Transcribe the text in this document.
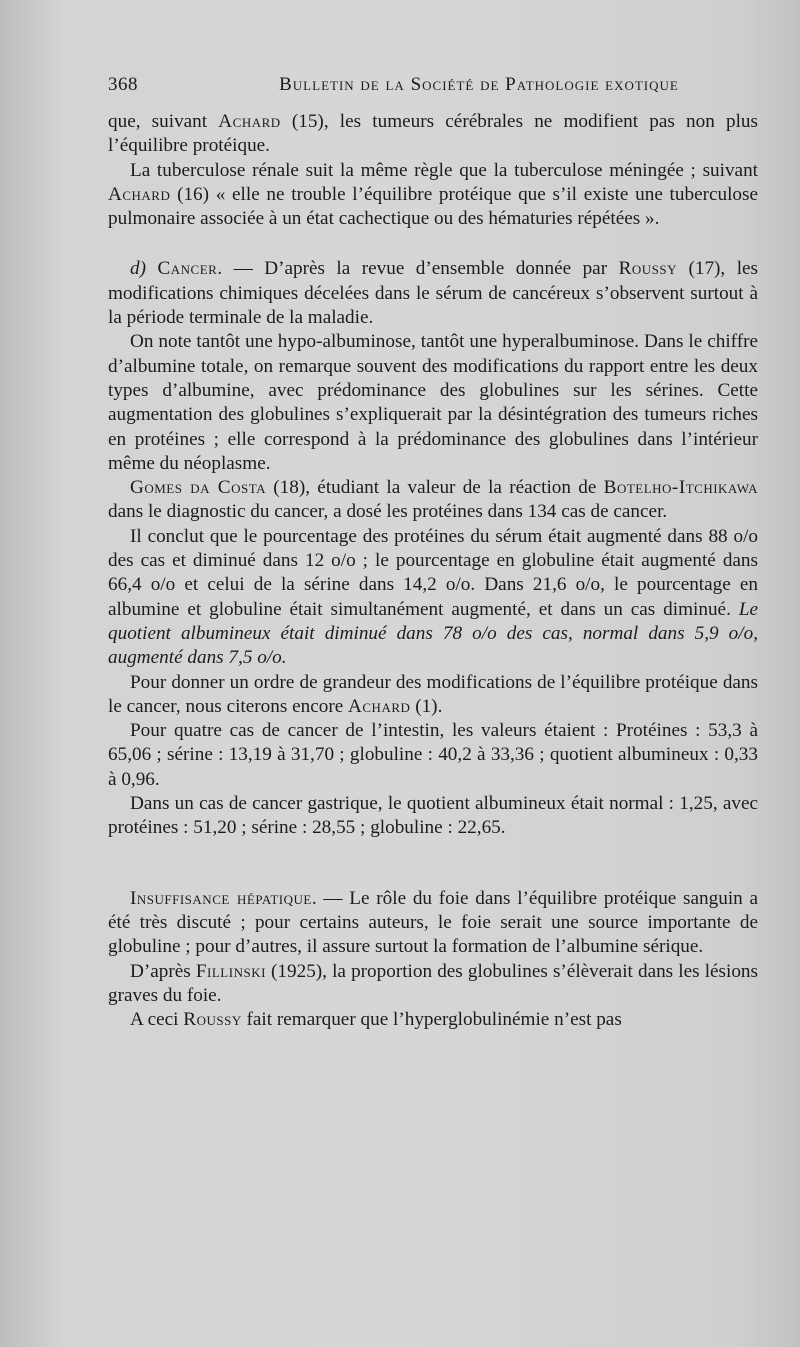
368	Bulletin de la Société de Pathologie exotique

que, suivant Achard (15), les tumeurs cérébrales ne modifient pas non plus l’équilibre protéique.

La tuberculose rénale suit la même règle que la tuberculose méningée ; suivant Achard (16) « elle ne trouble l’équilibre protéique que s’il existe une tuberculose pulmonaire associée à un état cachectique ou des hématuries répétées ».

d) Cancer. — D’après la revue d’ensemble donnée par Roussy (17), les modifications chimiques décelées dans le sérum de cancéreux s’observent surtout à la période terminale de la maladie.

On note tantôt une hypo-albuminose, tantôt une hyperalbuminose. Dans le chiffre d’albumine totale, on remarque souvent des modifications du rapport entre les deux types d’albumine, avec prédominance des globulines sur les sérines. Cette augmentation des globulines s’expliquerait par la désintégration des tumeurs riches en protéines ; elle correspond à la prédominance des globulines dans l’intérieur même du néoplasme.

Gomes da Costa (18), étudiant la valeur de la réaction de Botelho-Itchikawa dans le diagnostic du cancer, a dosé les protéines dans 134 cas de cancer.

Il conclut que le pourcentage des protéines du sérum était augmenté dans 88 o/o des cas et diminué dans 12 o/o ; le pourcentage en globuline était augmenté dans 66,4 o/o et celui de la sérine dans 14,2 o/o. Dans 21,6 o/o, le pourcentage en albumine et globuline était simultanément augmenté, et dans un cas diminué. Le quotient albumineux était diminué dans 78 o/o des cas, normal dans 5,9 o/o, augmenté dans 7,5 o/o.

Pour donner un ordre de grandeur des modifications de l’équilibre protéique dans le cancer, nous citerons encore Achard (1).

Pour quatre cas de cancer de l’intestin, les valeurs étaient : Protéines : 53,3 à 65,06 ; sérine : 13,19 à 31,70 ; globuline : 40,2 à 33,36 ; quotient albumineux : 0,33 à 0,96.

Dans un cas de cancer gastrique, le quotient albumineux était normal : 1,25, avec protéines : 51,20 ; sérine : 28,55 ; globuline : 22,65.

Insuffisance hépatique. — Le rôle du foie dans l’équilibre protéique sanguin a été très discuté ; pour certains auteurs, le foie serait une source importante de globuline ; pour d’autres, il assure surtout la formation de l’albumine sérique.

D’après Fillinski (1925), la proportion des globulines s’élèverait dans les lésions graves du foie.

A ceci Roussy fait remarquer que l’hyperglobulinémie n’est pas
